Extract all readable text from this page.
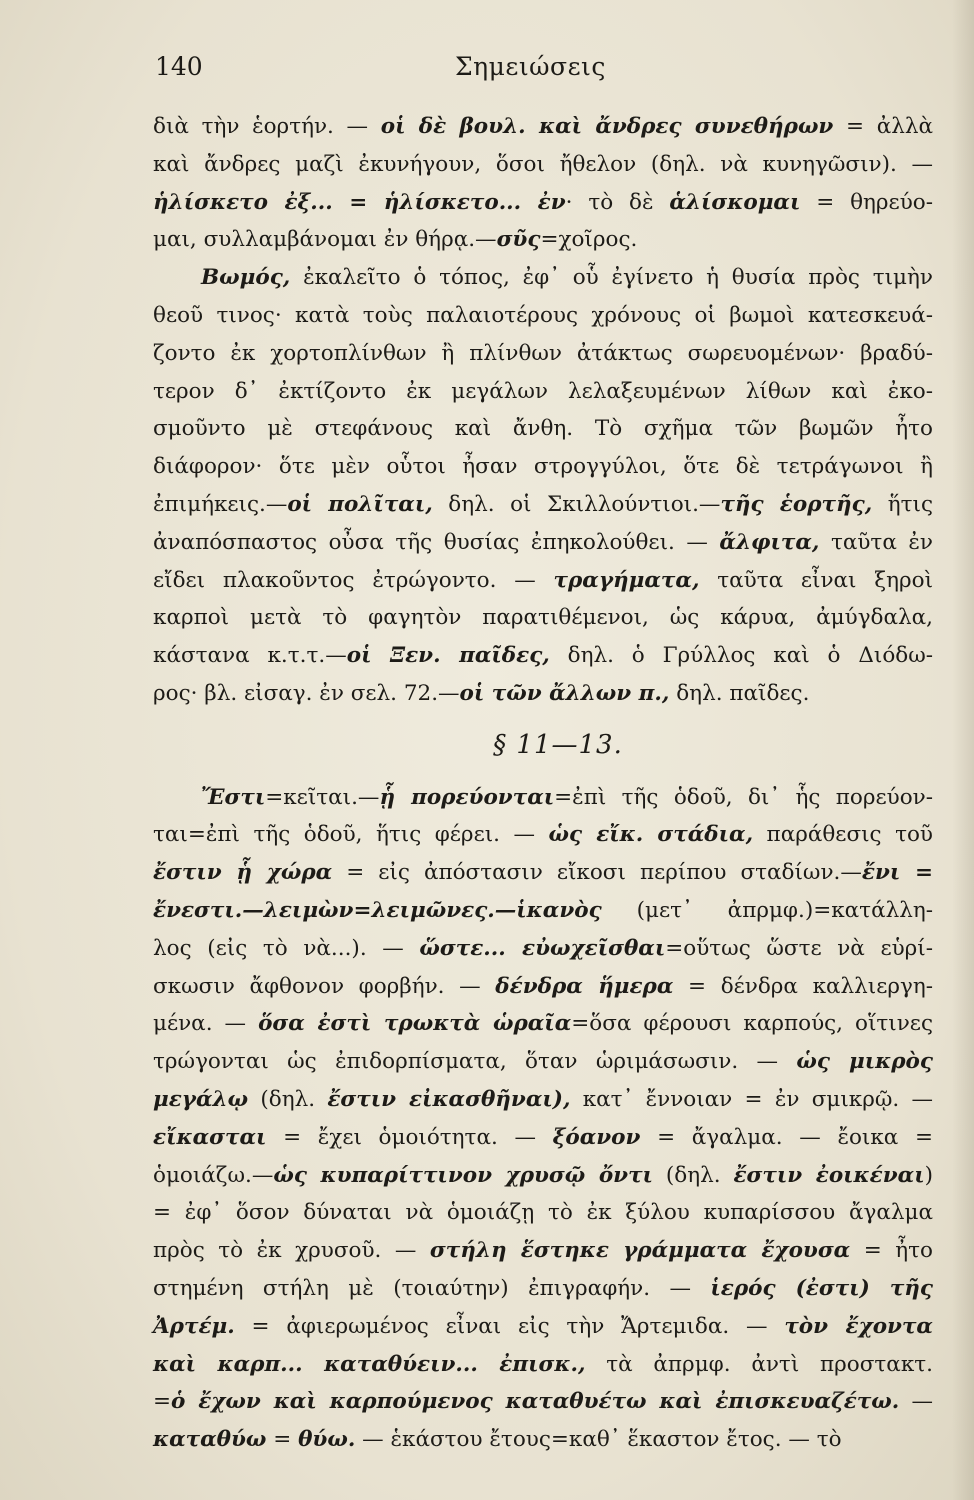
140	Σημειώσεις
διὰ τὴν ἑορτήν. — οἱ δὲ βουλ. καὶ ἄνδρες συνεθήρων = ἀλλὰ
καὶ ἄνδρες μαζὶ ἐκυνήγουν, ὅσοι ἤθελον (δηλ. νὰ κυνηγῶσιν). —
ἡλίσκετο ἐξ... = ἡλίσκετο... ἐν· τὸ δὲ ἁλίσκομαι = θηρεύο-
μαι, συλλαμβάνομαι ἐν θήρᾳ.—σῦς=χοῖρος.
Βωμός, ἐκαλεῖτο ὁ τόπος, ἐφ᾽ οὗ ἐγίνετο ἡ θυσία πρὸς τιμὴν
θεοῦ τινος· κατὰ τοὺς παλαιοτέρους χρόνους οἱ βωμοὶ κατεσκευά-
ζοντο ἐκ χορτοπλίνθων ἢ πλίνθων ἀτάκτως σωρευομένων· βραδύ-
τερον δ᾽ ἐκτίζοντο ἐκ μεγάλων λελαξευμένων λίθων καὶ ἐκο-
σμοῦντο μὲ στεφάνους καὶ ἄνθη. Τὸ σχῆμα τῶν βωμῶν ἦτο
διάφορον· ὅτε μὲν οὗτοι ἦσαν στρογγύλοι, ὅτε δὲ τετράγωνοι ἢ
ἐπιμήκεις.—οἱ πολῖται, δηλ. οἱ Σκιλλούντιοι.—τῆς ἑορτῆς, ἥτις
ἀναπόσπαστος οὖσα τῆς θυσίας ἐπηκολούθει. — ἄλφιτα, ταῦτα ἐν
εἴδει πλακοῦντος ἐτρώγοντο. — τραγήματα, ταῦτα εἶναι ξηροὶ
καρποὶ μετὰ τὸ φαγητὸν παρατιθέμενοι, ὡς κάρυα, ἀμύγδαλα,
κάστανα κ.τ.τ.—οἱ Ξεν. παῖδες, δηλ. ὁ Γρύλλος καὶ ὁ Διόδω-
ρος· βλ. εἰσαγ. ἐν σελ. 72.—οἱ τῶν ἄλλων π., δηλ. παῖδες.
§ 11—13.
Ἔστι=κεῖται.—ᾗ πορεύονται=ἐπὶ τῆς ὁδοῦ, δι᾽ ἧς πορεύον-
ται=ἐπὶ τῆς ὁδοῦ, ἥτις φέρει. — ὡς εἴκ. στάδια, παράθεσις τοῦ
ἔστιν ᾗ χώρα = εἰς ἀπόστασιν εἴκοσι περίπου σταδίων.—ἔνι =
ἔνεστι.—λειμὼν=λειμῶνες.—ἱκανὸς (μετ᾽ ἀπρμφ.)=κατάλλη-
λος (εἰς τὸ νὰ...). — ὥστε... εὐωχεῖσθαι=οὕτως ὥστε νὰ εὑρί-
σκωσιν ἄφθονον φορβήν. — δένδρα ἥμερα = δένδρα καλλιεργη-
μένα. — ὅσα ἐστὶ τρωκτὰ ὡραῖα=ὅσα φέρουσι καρπούς, οἵτινες
τρώγονται ὡς ἐπιδορπίσματα, ὅταν ὡριμάσωσιν. — ὡς μικρὸς
μεγάλῳ (δηλ. ἔστιν εἰκασθῆναι), κατ᾽ ἔννοιαν = ἐν σμικρῷ. —
εἴκασται = ἔχει ὁμοιότητα. — ξόανον = ἄγαλμα. — ἔοικα =
ὁμοιάζω.—ὡς κυπαρίττινον χρυσῷ ὄντι (δηλ. ἔστιν ἐοικέναι)
= ἐφ᾽ ὅσον δύναται νὰ ὁμοιάζῃ τὸ ἐκ ξύλου κυπαρίσσου ἄγαλμα
πρὸς τὸ ἐκ χρυσοῦ. — στήλη ἕστηκε γράμματα ἔχουσα = ἦτο
στημένη στήλη μὲ (τοιαύτην) ἐπιγραφήν. — ἱερός (ἐστι) τῆς
Ἀρτέμ. = ἀφιερωμένος εἶναι εἰς τὴν Ἄρτεμιδα. — τὸν ἔχοντα
καὶ καρπ... καταθύειν... ἐπισκ., τὰ ἀπρμφ. ἀντὶ προστακτ.
=ὁ ἔχων καὶ καρπούμενος καταθυέτω καὶ ἐπισκευαζέτω. —
καταθύω = θύω. — ἑκάστου ἔτους=καθ᾽ ἕκαστον ἔτος. — τὸ
